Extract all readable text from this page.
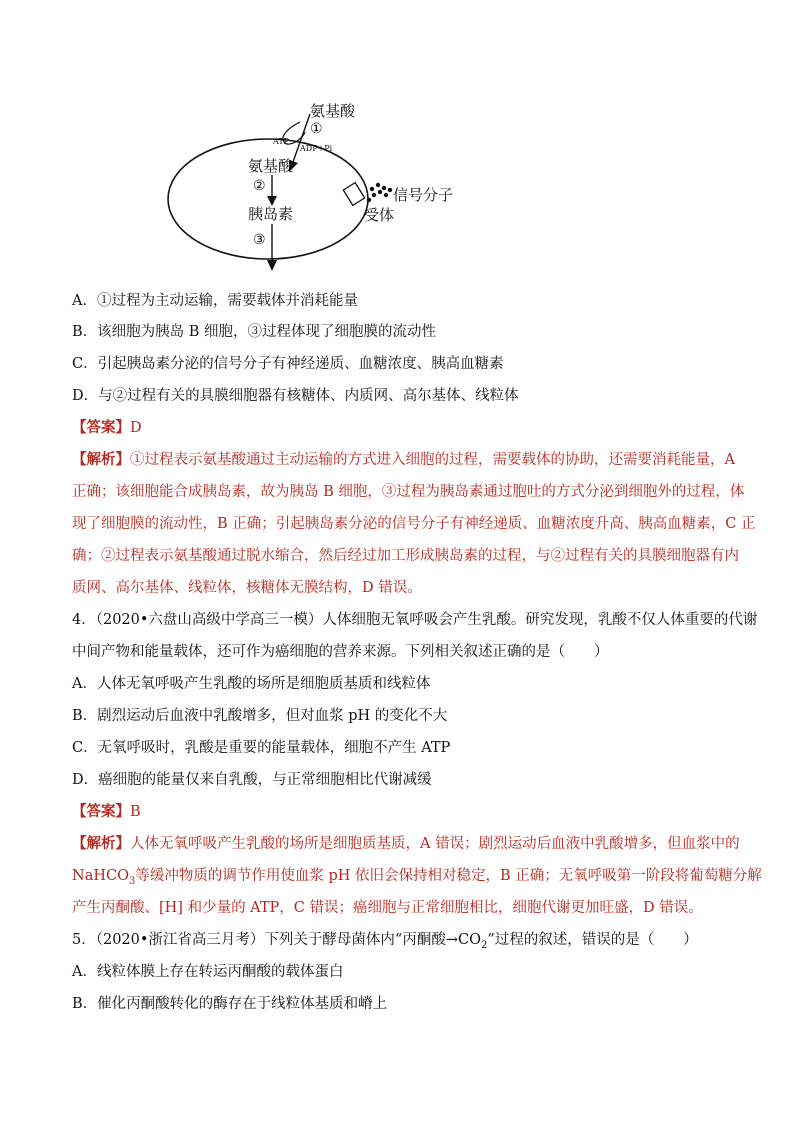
氨基酸
①
ATP
ADP+Pi
氨基酸
②
胰岛素
③
信号分子
受体
A．①过程为主动运输，需要载体并消耗能量
B．该细胞为胰岛 B 细胞，③过程体现了细胞膜的流动性
C．引起胰岛素分泌的信号分子有神经递质、血糖浓度、胰高血糖素
D．与②过程有关的具膜细胞器有核糖体、内质网、高尔基体、线粒体
【答案】D
【解析】①过程表示氨基酸通过主动运输的方式进入细胞的过程，需要载体的协助，还需要消耗能量，A
正确；该细胞能合成胰岛素，故为胰岛 B 细胞，③过程为胰岛素通过胞吐的方式分泌到细胞外的过程，体
现了细胞膜的流动性，B 正确；引起胰岛素分泌的信号分子有神经递质、血糖浓度升高、胰高血糖素，C 正
确；②过程表示氨基酸通过脱水缩合，然后经过加工形成胰岛素的过程，与②过程有关的具膜细胞器有内
质网、高尔基体、线粒体，核糖体无膜结构，D 错误。
4．（2020•六盘山高级中学高三一模）人体细胞无氧呼吸会产生乳酸。研究发现，乳酸不仅人体重要的代谢
中间产物和能量载体，还可作为癌细胞的营养来源。下列相关叙述正确的是（　　）
A．人体无氧呼吸产生乳酸的场所是细胞质基质和线粒体
B．剧烈运动后血液中乳酸增多，但对血浆 pH 的变化不大
C．无氧呼吸时，乳酸是重要的能量载体，细胞不产生 ATP
D．癌细胞的能量仅来自乳酸，与正常细胞相比代谢减缓
【答案】B
【解析】人体无氧呼吸产生乳酸的场所是细胞质基质，A 错误；剧烈运动后血液中乳酸增多，但血浆中的
NaHCO$_3$等缓冲物质的调节作用使血浆 pH 依旧会保持相对稳定，B 正确；无氧呼吸第一阶段将葡萄糖分解
产生丙酮酸、[H] 和少量的 ATP，C 错误；癌细胞与正常细胞相比，细胞代谢更加旺盛，D 错误。
5．（2020•浙江省高三月考）下列关于酵母菌体内“丙酮酸$\to CO_2$”过程的叙述，错误的是（　　）
A．线粒体膜上存在转运丙酮酸的载体蛋白
B．催化丙酮酸转化的酶存在于线粒体基质和嵴上
